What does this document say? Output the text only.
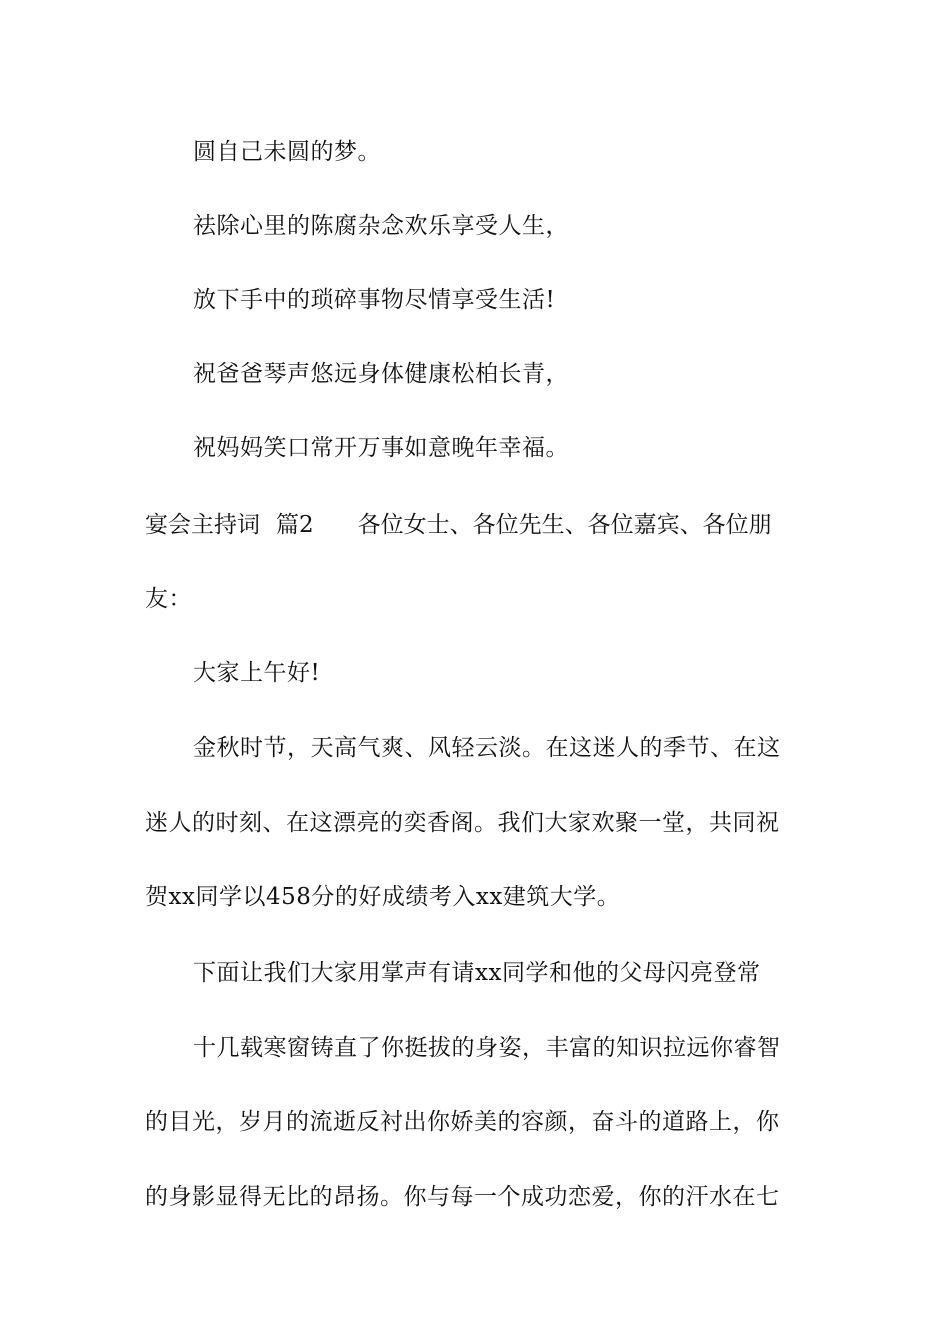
圆自己未圆的梦。
祛除心里的陈腐杂念欢乐享受人生，
放下手中的琐碎事物尽情享受生活!
祝爸爸琴声悠远身体健康松柏长青，
祝妈妈笑口常开万事如意晚年幸福。
宴会主持词 篇2 各位女士、各位先生、各位嘉宾、各位朋
友：
大家上午好!
金秋时节，天高气爽、风轻云淡。在这迷人的季节、在这
迷人的时刻、在这漂亮的奕香阁。我们大家欢聚一堂，共同祝
贺xx同学以458分的好成绩考入xx建筑大学。
下面让我们大家用掌声有请xx同学和他的父母闪亮登常
十几载寒窗铸直了你挺拔的身姿，丰富的知识拉远你睿智
的目光，岁月的流逝反衬出你娇美的容颜，奋斗的道路上，你
的身影显得无比的昂扬。你与每一个成功恋爱，你的汗水在七
